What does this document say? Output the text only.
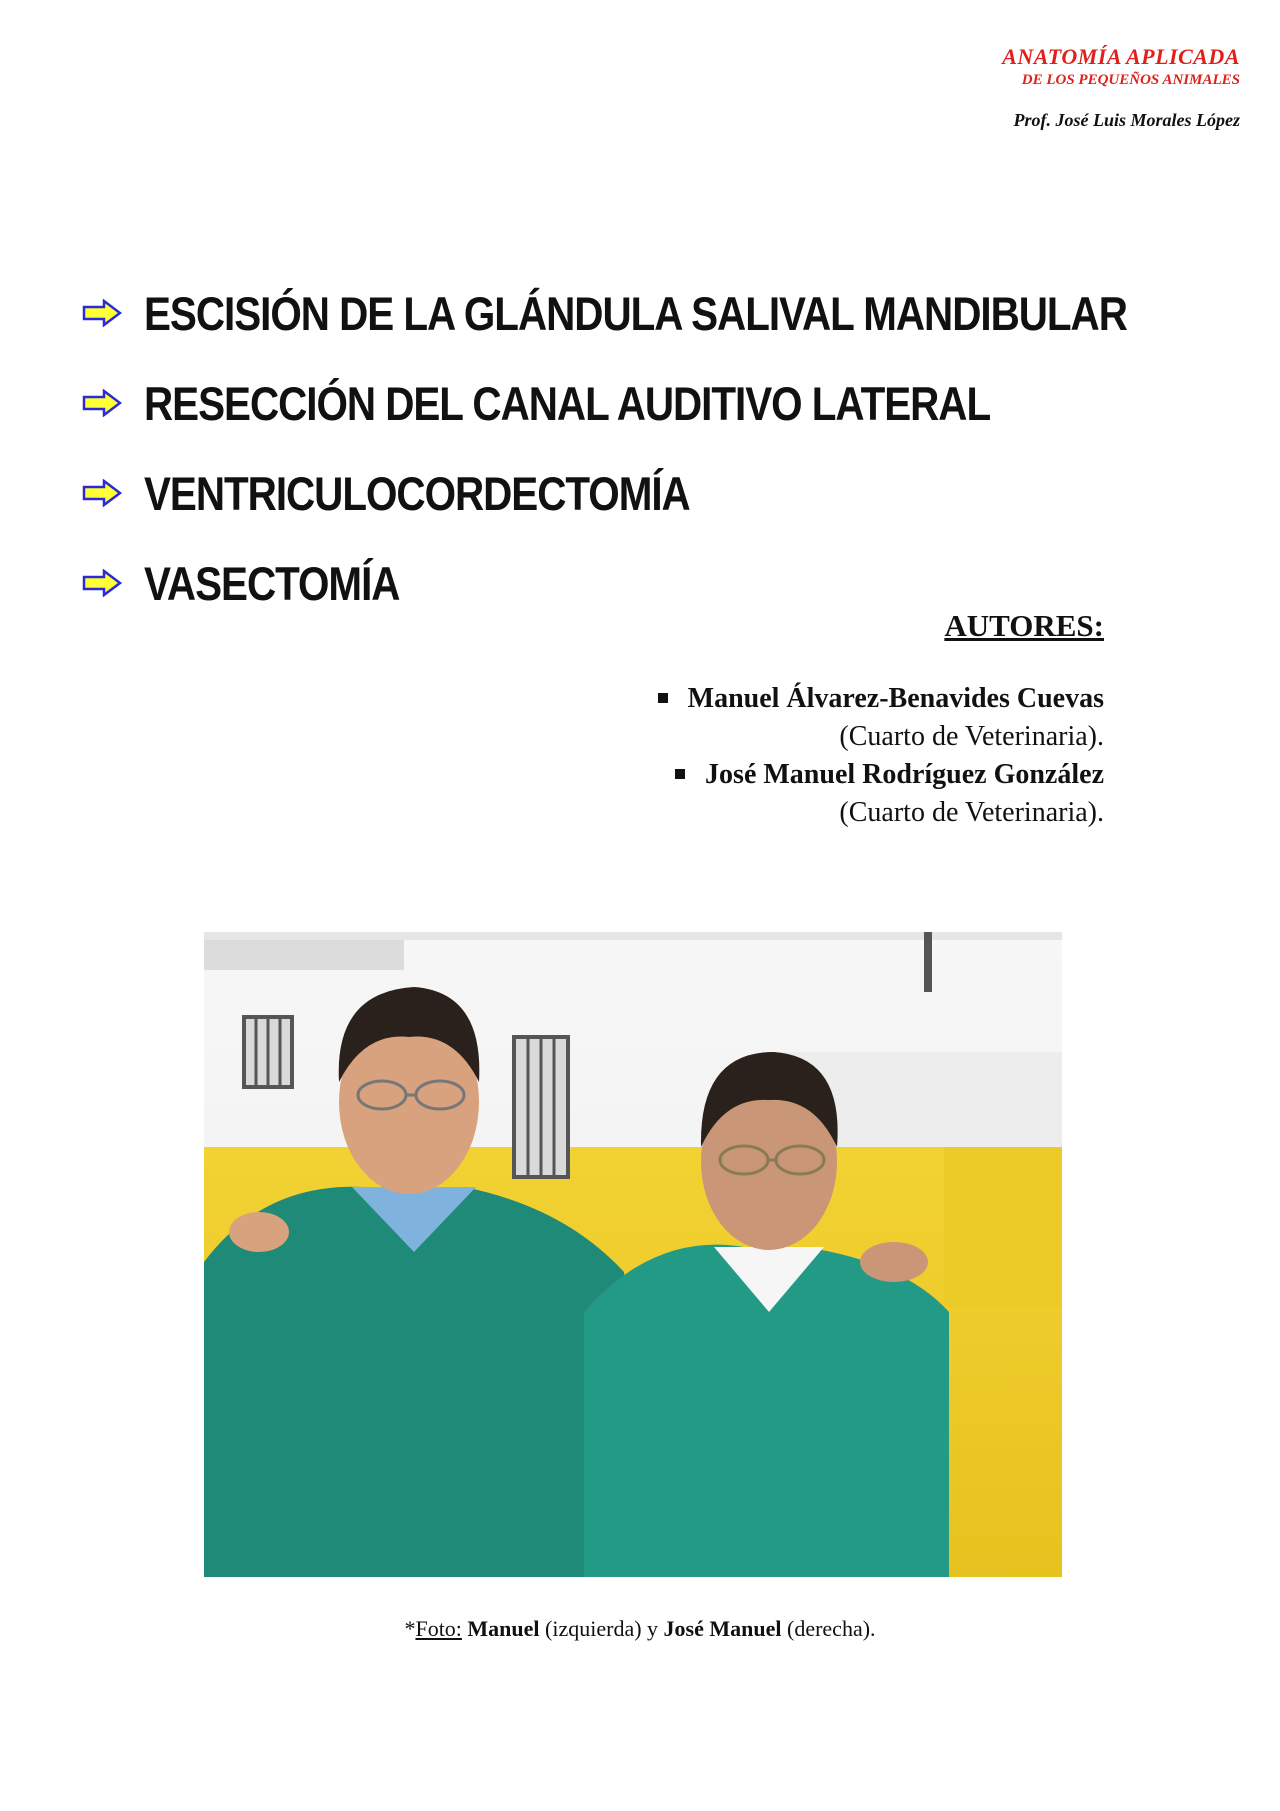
ANATOMÍA APLICADA
DE LOS PEQUEÑOS ANIMALES
Prof. José Luis Morales López
ESCISIÓN DE LA GLÁNDULA SALIVAL MANDIBULAR
RESECCIÓN DEL CANAL AUDITIVO LATERAL
VENTRICULOCORDECTOMÍA
VASECTOMÍA
AUTORES:
Manuel Álvarez-Benavides Cuevas
(Cuarto de Veterinaria).
José Manuel Rodríguez González
(Cuarto de Veterinaria).
*Foto: Manuel (izquierda) y José Manuel (derecha).
